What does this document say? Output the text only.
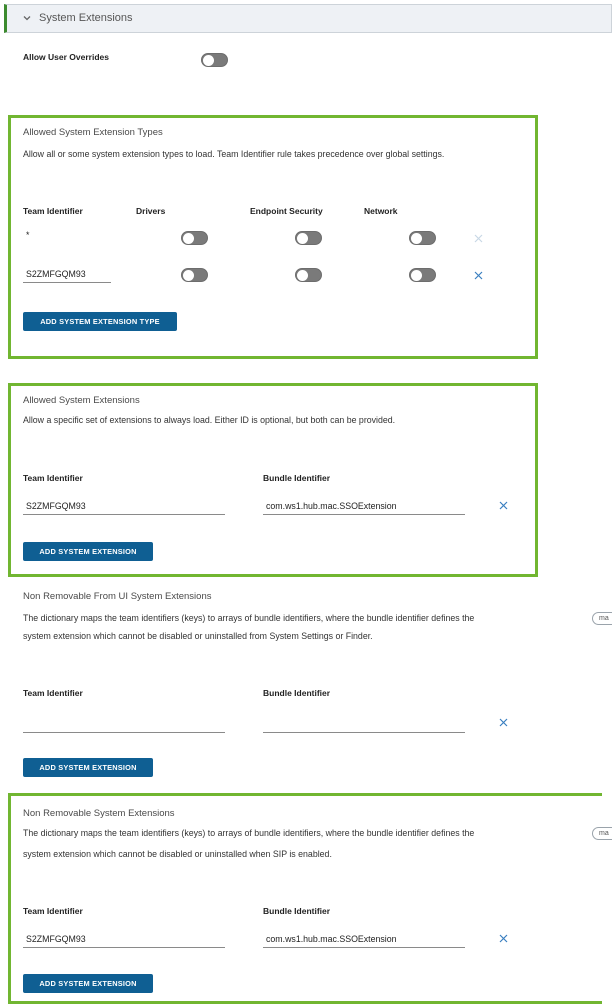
System Extensions
Allow User Overrides
Allowed System Extension Types
Allow all or some system extension types to load. Team Identifier rule takes precedence over global settings.
Team Identifier	Drivers	Endpoint Security	Network
*
S2ZMFGQM93
ADD SYSTEM EXTENSION TYPE
Allowed System Extensions
Allow a specific set of extensions to always load. Either ID is optional, but both can be provided.
Team Identifier	Bundle Identifier
S2ZMFGQM93	com.ws1.hub.mac.SSOExtension
ADD SYSTEM EXTENSION
Non Removable From UI System Extensions
The dictionary maps the team identifiers (keys) to arrays of bundle identifiers, where the bundle identifier defines the	ma
system extension which cannot be disabled or uninstalled from System Settings or Finder.
Team Identifier	Bundle Identifier
ADD SYSTEM EXTENSION
Non Removable System Extensions
The dictionary maps the team identifiers (keys) to arrays of bundle identifiers, where the bundle identifier defines the	ma
system extension which cannot be disabled or uninstalled when SIP is enabled.
Team Identifier	Bundle Identifier
S2ZMFGQM93	com.ws1.hub.mac.SSOExtension
ADD SYSTEM EXTENSION
